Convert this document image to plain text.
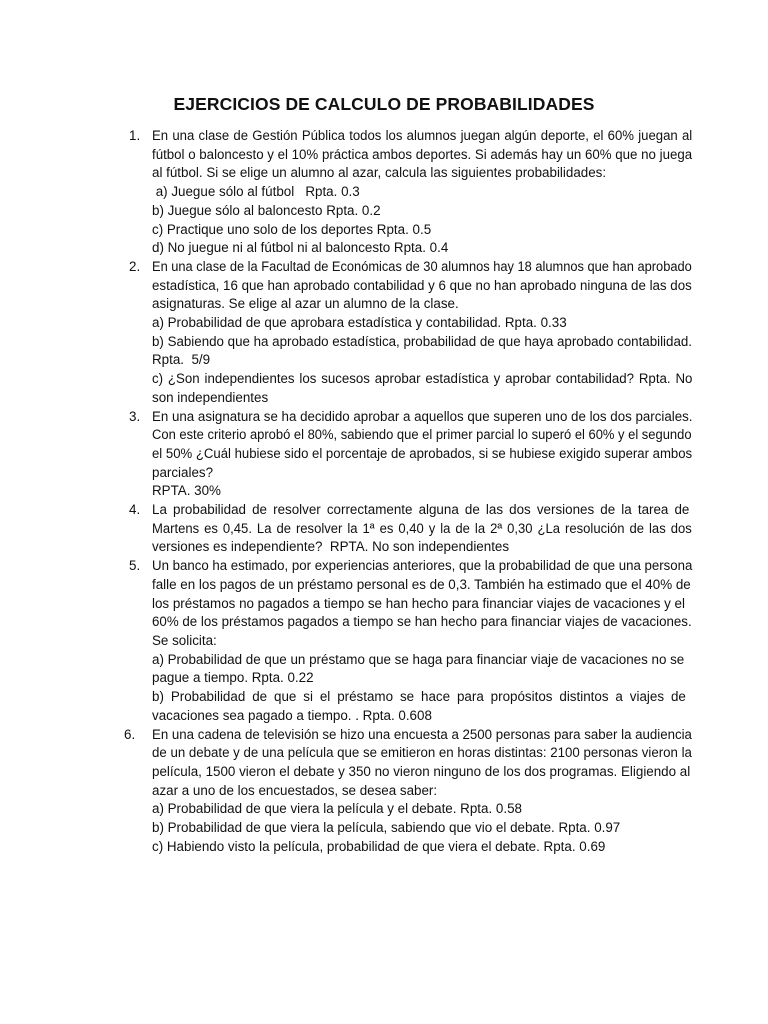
EJERCICIOS DE CALCULO DE PROBABILIDADES
1. En una clase de Gestión Pública todos los alumnos juegan algún deporte, el 60% juegan al
fútbol o baloncesto y el 10% práctica ambos deportes. Si además hay un 60% que no juega
al fútbol. Si se elige un alumno al azar, calcula las siguientes probabilidades:
a) Juegue sólo al fútbol   Rpta. 0.3
b) Juegue sólo al baloncesto Rpta. 0.2
c) Practique uno solo de los deportes Rpta. 0.5
d) No juegue ni al fútbol ni al baloncesto Rpta. 0.4
2. En una clase de la Facultad de Económicas de 30 alumnos hay 18 alumnos que han aprobado
estadística, 16 que han aprobado contabilidad y 6 que no han aprobado ninguna de las dos
asignaturas. Se elige al azar un alumno de la clase.
a) Probabilidad de que aprobara estadística y contabilidad. Rpta. 0.33
b) Sabiendo que ha aprobado estadística, probabilidad de que haya aprobado contabilidad.
Rpta.  5/9
c) ¿Son independientes los sucesos aprobar estadística y aprobar contabilidad? Rpta. No
son independientes
3. En una asignatura se ha decidido aprobar a aquellos que superen uno de los dos parciales.
Con este criterio aprobó el 80%, sabiendo que el primer parcial lo superó el 60% y el segundo
el 50% ¿Cuál hubiese sido el porcentaje de aprobados, si se hubiese exigido superar ambos
parciales?
RPTA. 30%
4. La probabilidad de resolver correctamente alguna de las dos versiones de la tarea de
Martens es 0,45. La de resolver la 1ª es 0,40 y la de la 2ª 0,30 ¿La resolución de las dos
versiones es independiente?  RPTA. No son independientes
5. Un banco ha estimado, por experiencias anteriores, que la probabilidad de que una persona
falle en los pagos de un préstamo personal es de 0,3. También ha estimado que el 40% de
los préstamos no pagados a tiempo se han hecho para financiar viajes de vacaciones y el
60% de los préstamos pagados a tiempo se han hecho para financiar viajes de vacaciones.
Se solicita:
a) Probabilidad de que un préstamo que se haga para financiar viaje de vacaciones no se
pague a tiempo. Rpta. 0.22
b) Probabilidad de que si el préstamo se hace para propósitos distintos a viajes de
vacaciones sea pagado a tiempo. . Rpta. 0.608
6.	En una cadena de televisión se hizo una encuesta a 2500 personas para saber la audiencia
de un debate y de una película que se emitieron en horas distintas: 2100 personas vieron la
película, 1500 vieron el debate y 350 no vieron ninguno de los dos programas. Eligiendo al
azar a uno de los encuestados, se desea saber:
a) Probabilidad de que viera la película y el debate. Rpta. 0.58
b) Probabilidad de que viera la película, sabiendo que vio el debate. Rpta. 0.97
c) Habiendo visto la película, probabilidad de que viera el debate. Rpta. 0.69
